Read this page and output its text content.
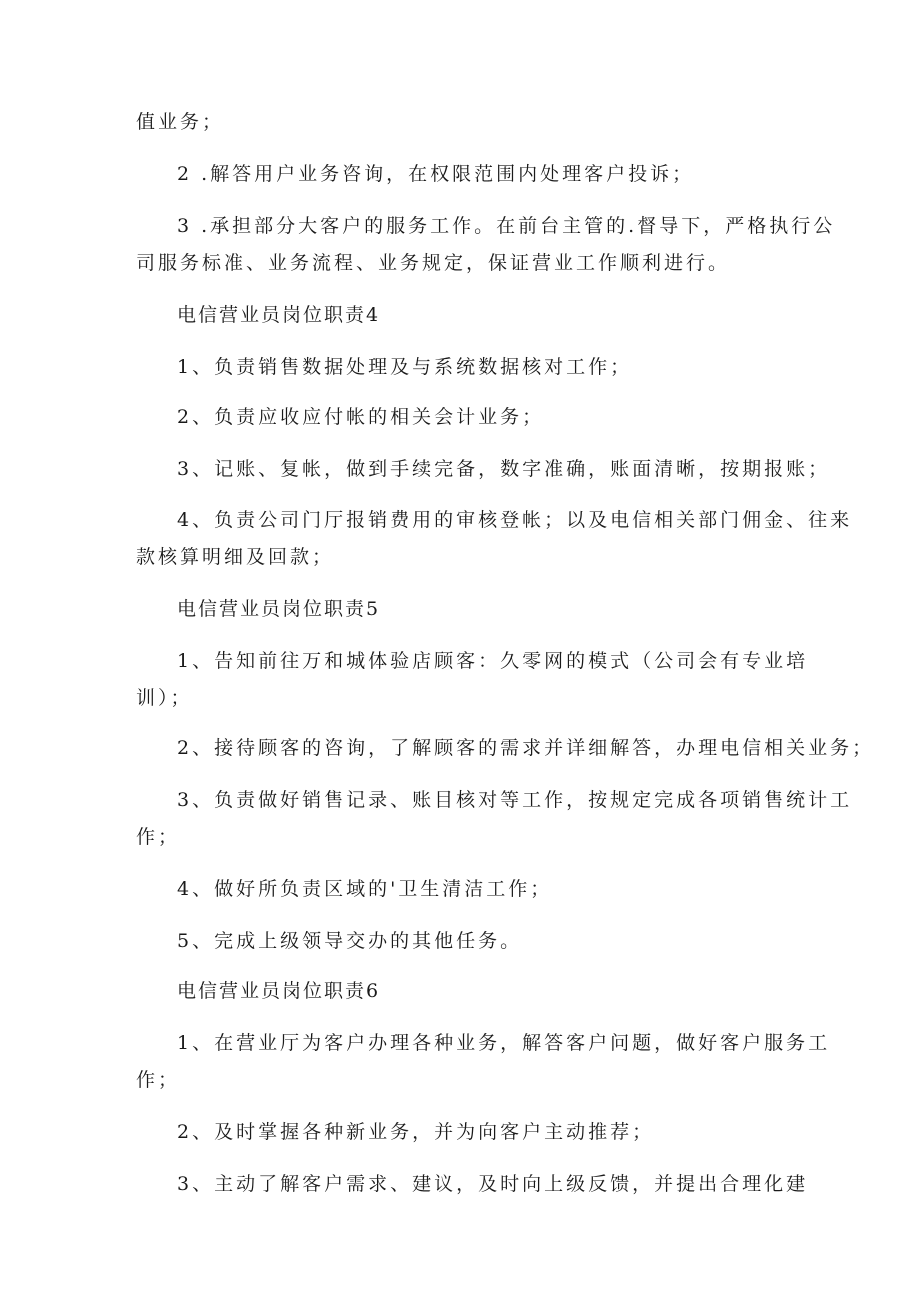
值业务；

2 .解答用户业务咨询，在权限范围内处理客户投诉；

3 .承担部分大客户的服务工作。在前台主管的.督导下，严格执行公

司服务标准、业务流程、业务规定，保证营业工作顺利进行。

电信营业员岗位职责4

1、负责销售数据处理及与系统数据核对工作；

2、负责应收应付帐的相关会计业务；

3、记账、复帐，做到手续完备，数字准确，账面清晰，按期报账；

4、负责公司门厅报销费用的审核登帐；以及电信相关部门佣金、往来

款核算明细及回款；

电信营业员岗位职责5

1、告知前往万和城体验店顾客：久零网的模式（公司会有专业培

训）；

2、接待顾客的咨询，了解顾客的需求并详细解答，办理电信相关业务；

3、负责做好销售记录、账目核对等工作，按规定完成各项销售统计工

作；

4、做好所负责区域的'卫生清洁工作；

5、完成上级领导交办的其他任务。

电信营业员岗位职责6

1、在营业厅为客户办理各种业务，解答客户问题，做好客户服务工

作；

2、及时掌握各种新业务，并为向客户主动推荐；

3、主动了解客户需求、建议，及时向上级反馈，并提出合理化建
